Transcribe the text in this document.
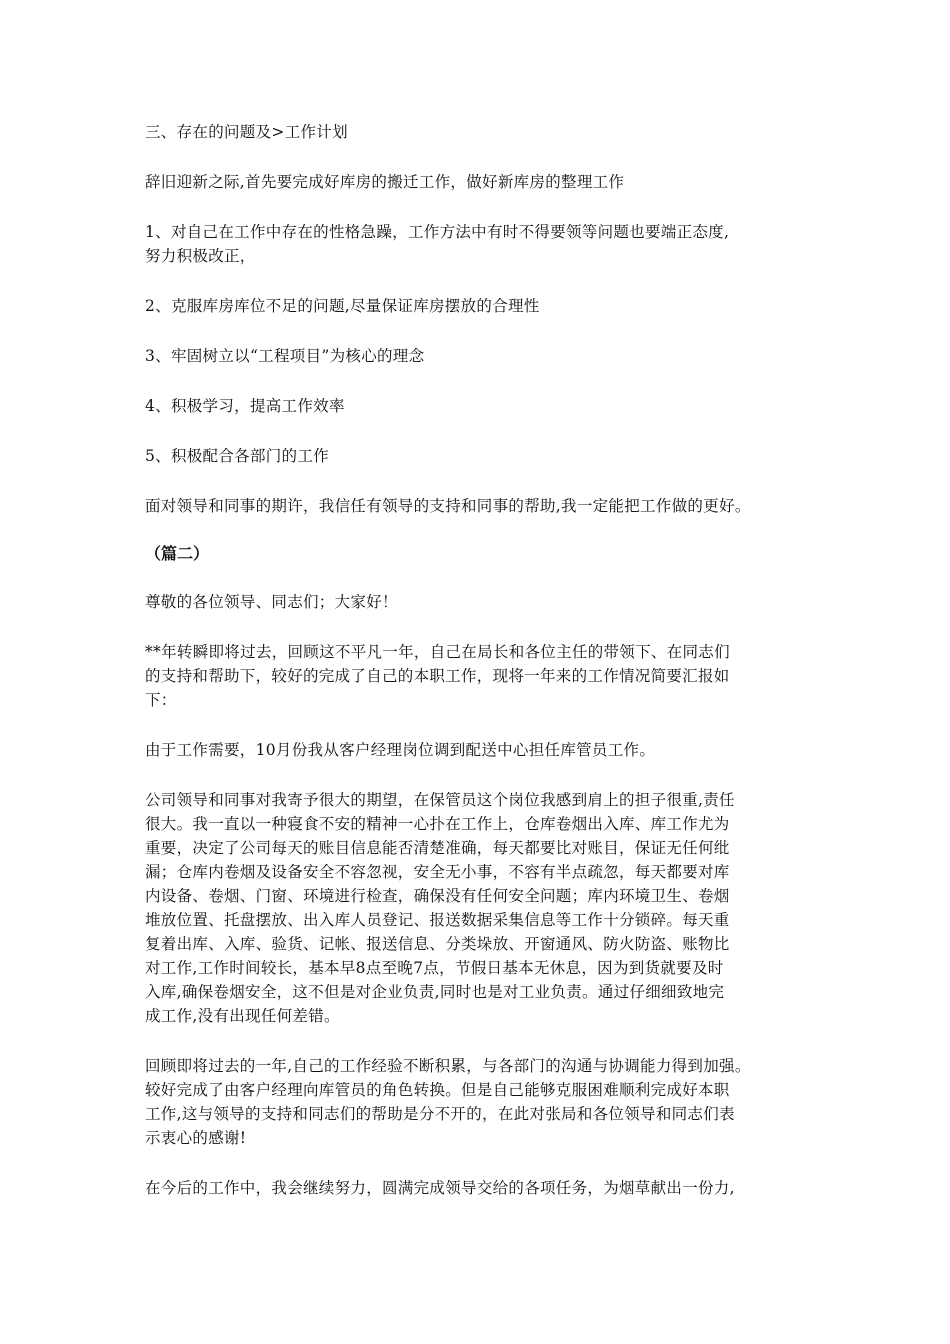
三、存在的问题及>工作计划
辞旧迎新之际,首先要完成好库房的搬迁工作，做好新库房的整理工作
1、对自己在工作中存在的性格急躁，工作方法中有时不得要领等问题也要端正态度,
努力积极改正，
2、克服库房库位不足的问题,尽量保证库房摆放的合理性
3、牢固树立以“工程项目”为核心的理念
4、积极学习，提高工作效率
5、积极配合各部门的工作
面对领导和同事的期许，我信任有领导的支持和同事的帮助,我一定能把工作做的更好。
（篇二）
尊敬的各位领导、同志们；大家好！
**年转瞬即将过去，回顾这不平凡一年，自己在局长和各位主任的带领下、在同志们
的支持和帮助下，较好的完成了自己的本职工作，现将一年来的工作情况简要汇报如
下：
由于工作需要，10月份我从客户经理岗位调到配送中心担任库管员工作。
公司领导和同事对我寄予很大的期望，在保管员这个岗位我感到肩上的担子很重,责任
很大。我一直以一种寝食不安的精神一心扑在工作上，仓库卷烟出入库、库工作尤为
重要，决定了公司每天的账目信息能否清楚准确，每天都要比对账目，保证无任何纰
漏；仓库内卷烟及设备安全不容忽视，安全无小事，不容有半点疏忽，每天都要对库
内设备、卷烟、门窗、环境进行检查，确保没有任何安全问题；库内环境卫生、卷烟
堆放位置、托盘摆放、出入库人员登记、报送数据采集信息等工作十分锁碎。每天重
复着出库、入库、验货、记帐、报送信息、分类垛放、开窗通风、防火防盗、账物比
对工作,工作时间较长，基本早8点至晚7点，节假日基本无休息，因为到货就要及时
入库,确保卷烟安全，这不但是对企业负责,同时也是对工业负责。通过仔细细致地完
成工作,没有出现任何差错。
回顾即将过去的一年,自己的工作经验不断积累，与各部门的沟通与协调能力得到加强。
较好完成了由客户经理向库管员的角色转换。但是自己能够克服困难顺利完成好本职
工作,这与领导的支持和同志们的帮助是分不开的，在此对张局和各位领导和同志们表
示衷心的感谢!
在今后的工作中，我会继续努力，圆满完成领导交给的各项任务，为烟草献出一份力,
